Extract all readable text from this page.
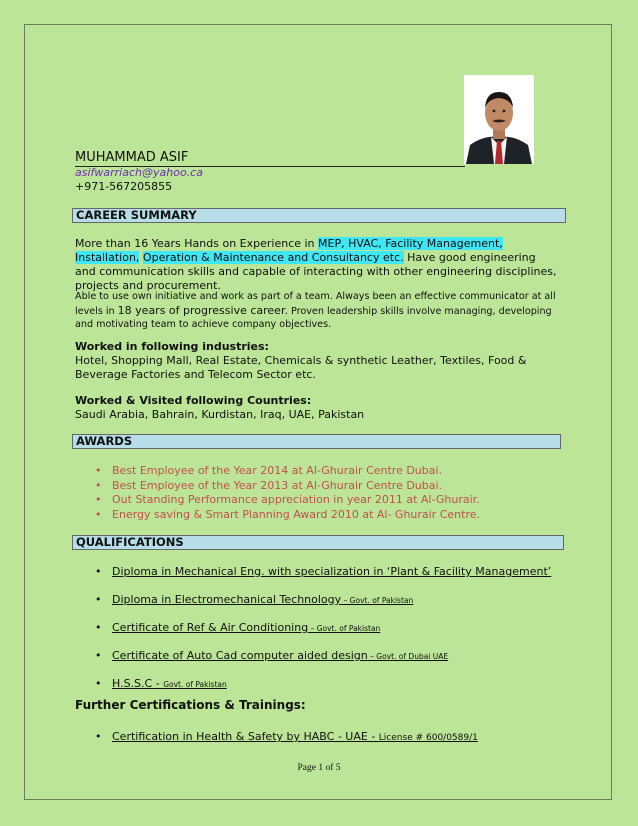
MUHAMMAD ASIF
asifwarriach@yahoo.ca
+971-567205855
CAREER SUMMARY
More than 16 Years Hands on Experience in MEP, HVAC, Facility Management, Installation, Operation & Maintenance and Consultancy etc. Have good engineering and communication skills and capable of interacting with other engineering disciplines, projects and procurement.
Able to use own initiative and work as part of a team. Always been an effective communicator at all levels in 18 years of progressive career. Proven leadership skills involve managing, developing and motivating team to achieve company objectives.
Worked in following industries:
Hotel, Shopping Mall, Real Estate, Chemicals & synthetic Leather, Textiles, Food & Beverage Factories and Telecom Sector etc.
Worked & Visited following Countries:
Saudi Arabia, Bahrain, Kurdistan, Iraq, UAE, Pakistan
AWARDS
• Best Employee of the Year 2014 at Al-Ghurair Centre Dubai.
• Best Employee of the Year 2013 at Al-Ghurair Centre Dubai.
• Out Standing Performance appreciation in year 2011 at Al-Ghurair.
• Energy saving & Smart Planning Award 2010 at Al- Ghurair Centre.
QUALIFICATIONS
• Diploma in Mechanical Eng. with specialization in ‘Plant & Facility Management’
• Diploma in Electromechanical Technology – Govt. of Pakistan
• Certificate of Ref & Air Conditioning – Govt. of Pakistan
• Certificate of Auto Cad computer aided design – Govt. of Dubai UAE
• H.S.S.C - Govt. of Pakistan
Further Certifications & Trainings:
• Certification in Health & Safety by HABC - UAE - License # 600/0589/1
Page 1 of 5
